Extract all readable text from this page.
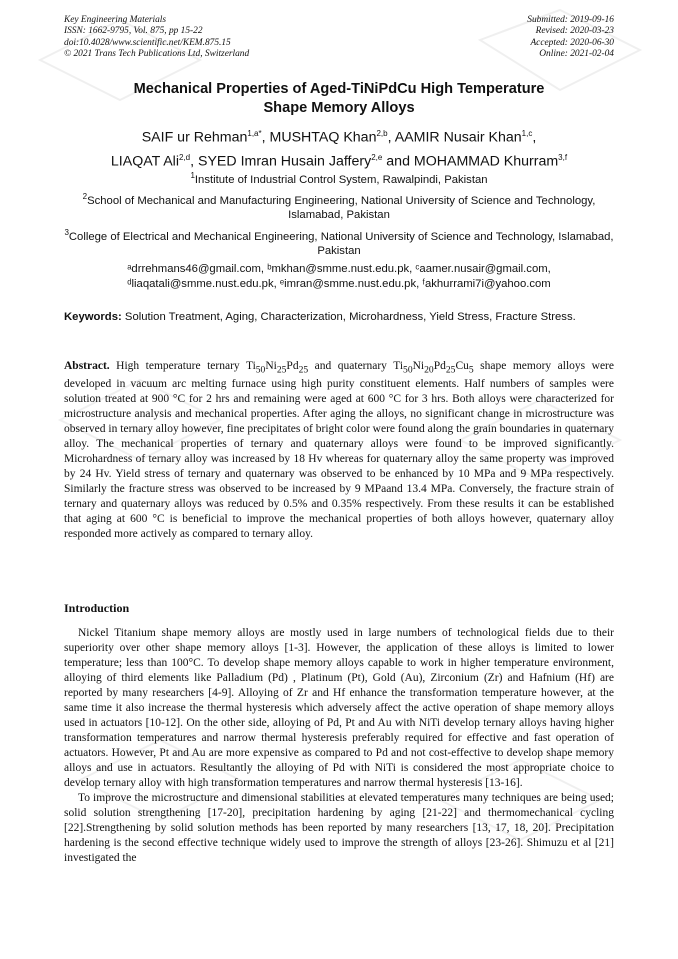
Key Engineering Materials
ISSN: 1662-9795, Vol. 875, pp 15-22
doi:10.4028/www.scientific.net/KEM.875.15
© 2021 Trans Tech Publications Ltd, Switzerland
Submitted: 2019-09-16
Revised: 2020-03-23
Accepted: 2020-06-30
Online: 2021-02-04
Mechanical Properties of Aged-TiNiPdCu High Temperature
Shape Memory Alloys
SAIF ur Rehman$^{1,a*}$, MUSHTAQ Khan$^{2,b}$, AAMIR Nusair Khan$^{1,c}$,
LIAQAT Ali$^{2,d}$, SYED Imran Husain Jaffery$^{2,e}$ and MOHAMMAD Khurram$^{3,f}$
$^1$Institute of Industrial Control System, Rawalpindi, Pakistan
$^2$School of Mechanical and Manufacturing Engineering, National University of Science and Technology, Islamabad, Pakistan
$^3$College of Electrical and Mechanical Engineering, National University of Science and Technology, Islamabad, Pakistan
ᵃdrrehmans46@gmail.com, ᵇmkhan@smme.nust.edu.pk, ᶜaamer.nusair@gmail.com,
ᵈliaqatali@smme.nust.edu.pk, ᵉimran@smme.nust.edu.pk, ᶠakhurrami7i@yahoo.com
Keywords: Solution Treatment, Aging, Characterization, Microhardness, Yield Stress, Fracture Stress.
Abstract. High temperature ternary $Ti_{50}Ni_{25}Pd_{25}$ and quaternary $Ti_{50}Ni_{20}Pd_{25}Cu_5$ shape memory alloys were developed in vacuum arc melting furnace using high purity constituent elements. Half numbers of samples were solution treated at 900 °C for 2 hrs and remaining were aged at 600 °C for 3 hrs. Both alloys were characterized for microstructure analysis and mechanical properties. After aging the alloys, no significant change in microstructure was observed in ternary alloy however, fine precipitates of bright color were found along the grain boundaries in quaternary alloy. The mechanical properties of ternary and quaternary alloys were found to be improved significantly. Microhardness of ternary alloy was increased by 18 Hv whereas for quaternary alloy the same property was improved by 24 Hv. Yield stress of ternary and quaternary was observed to be enhanced by 10 MPa and 9 MPa respectively. Similarly the fracture stress was observed to be increased by 9 MPaand 13.4 MPa. Conversely, the fracture strain of ternary and quaternary alloys was reduced by 0.5% and 0.35% respectively. From these results it can be established that aging at 600 °C is beneficial to improve the mechanical properties of both alloys however, quaternary alloy responded more actively as compared to ternary alloy.
Introduction

Nickel Titanium shape memory alloys are mostly used in large numbers of technological fields due to their superiority over other shape memory alloys [1-3]. However, the application of these alloys is limited to lower temperature; less than 100°C. To develop shape memory alloys capable to work in higher temperature environment, alloying of third elements like Palladium (Pd) , Platinum (Pt), Gold (Au), Zirconium (Zr) and Hafnium (Hf) are reported by many researchers [4-9]. Alloying of Zr and Hf enhance the transformation temperature however, at the same time it also increase the thermal hysteresis which adversely affect the active operation of shape memory alloys used in actuators [10-12]. On the other side, alloying of Pd, Pt and Au with NiTi develop ternary alloys having higher transformation temperatures and narrow thermal hysteresis preferably required for effective and fast operation of actuators. However, Pt and Au are more expensive as compared to Pd and not cost-effective to develop shape memory alloys and use in actuators. Resultantly the alloying of Pd with NiTi is considered the most appropriate choice to develop ternary alloy with high transformation temperatures and narrow thermal hysteresis [13-16].

To improve the microstructure and dimensional stabilities at elevated temperatures many techniques are being used; solid solution strengthening [17-20], precipitation hardening by aging [21-22] and thermomechanical cycling [22].Strengthening by solid solution methods has been reported by many researchers [13, 17, 18, 20]. Precipitation hardening is the second effective technique widely used to improve the strength of alloys [23-26]. Shimuzu et al [21] investigated the
